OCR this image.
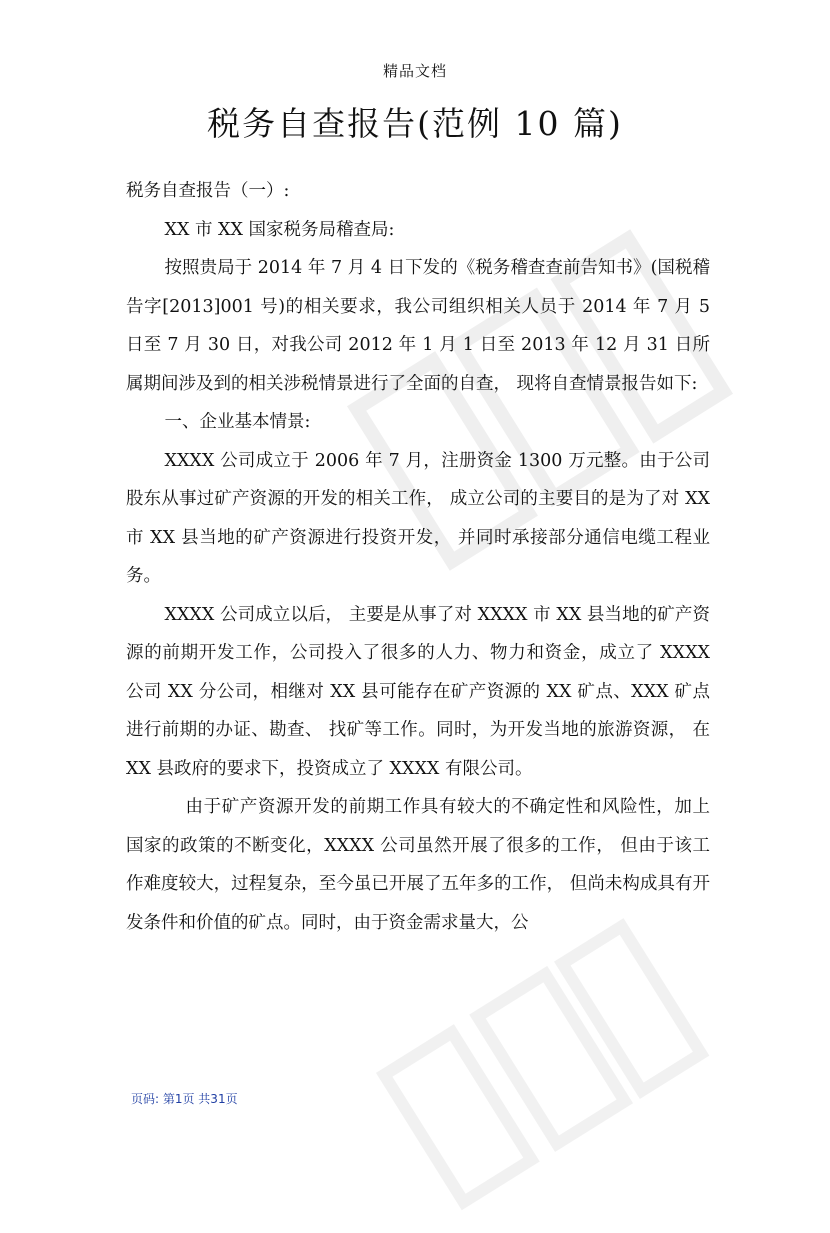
精品文档
税务自查报告(范例 10 篇)

税务自查报告（一）:

XX 市 XX 国家税务局稽查局:

按照贵局于 2014 年 7 月 4 日下发的《税务稽查查前告知书》(国税稽告字[2013]001 号)的相关要求，我公司组织相关人员于 2014 年 7 月 5 日至 7 月 30 日，对我公司 2012 年 1 月 1 日至 2013 年 12 月 31 日所属期间涉及到的相关涉税情景进行了全面的自查， 现将自查情景报告如下:

一、企业基本情景:

XXXX 公司成立于 2006 年 7 月，注册资金 1300 万元整。由于公司股东从事过矿产资源的开发的相关工作， 成立公司的主要目的是为了对 XX 市 XX 县当地的矿产资源进行投资开发， 并同时承接部分通信电缆工程业务。

XXXX 公司成立以后， 主要是从事了对 XXXX 市 XX 县当地的矿产资源的前期开发工作，公司投入了很多的人力、物力和资金，成立了 XXXX 公司 XX 分公司，相继对 XX 县可能存在矿产资源的 XX 矿点、XXX 矿点进行前期的办证、勘查、 找矿等工作。同时，为开发当地的旅游资源， 在 XX 县政府的要求下，投资成立了 XXXX 有限公司。

由于矿产资源开发的前期工作具有较大的不确定性和风险性，加上国家的政策的不断变化，XXXX 公司虽然开展了很多的工作， 但由于该工作难度较大，过程复杂，至今虽已开展了五年多的工作， 但尚未构成具有开发条件和价值的矿点。同时，由于资金需求量大，公

页码: 第1页 共31页
